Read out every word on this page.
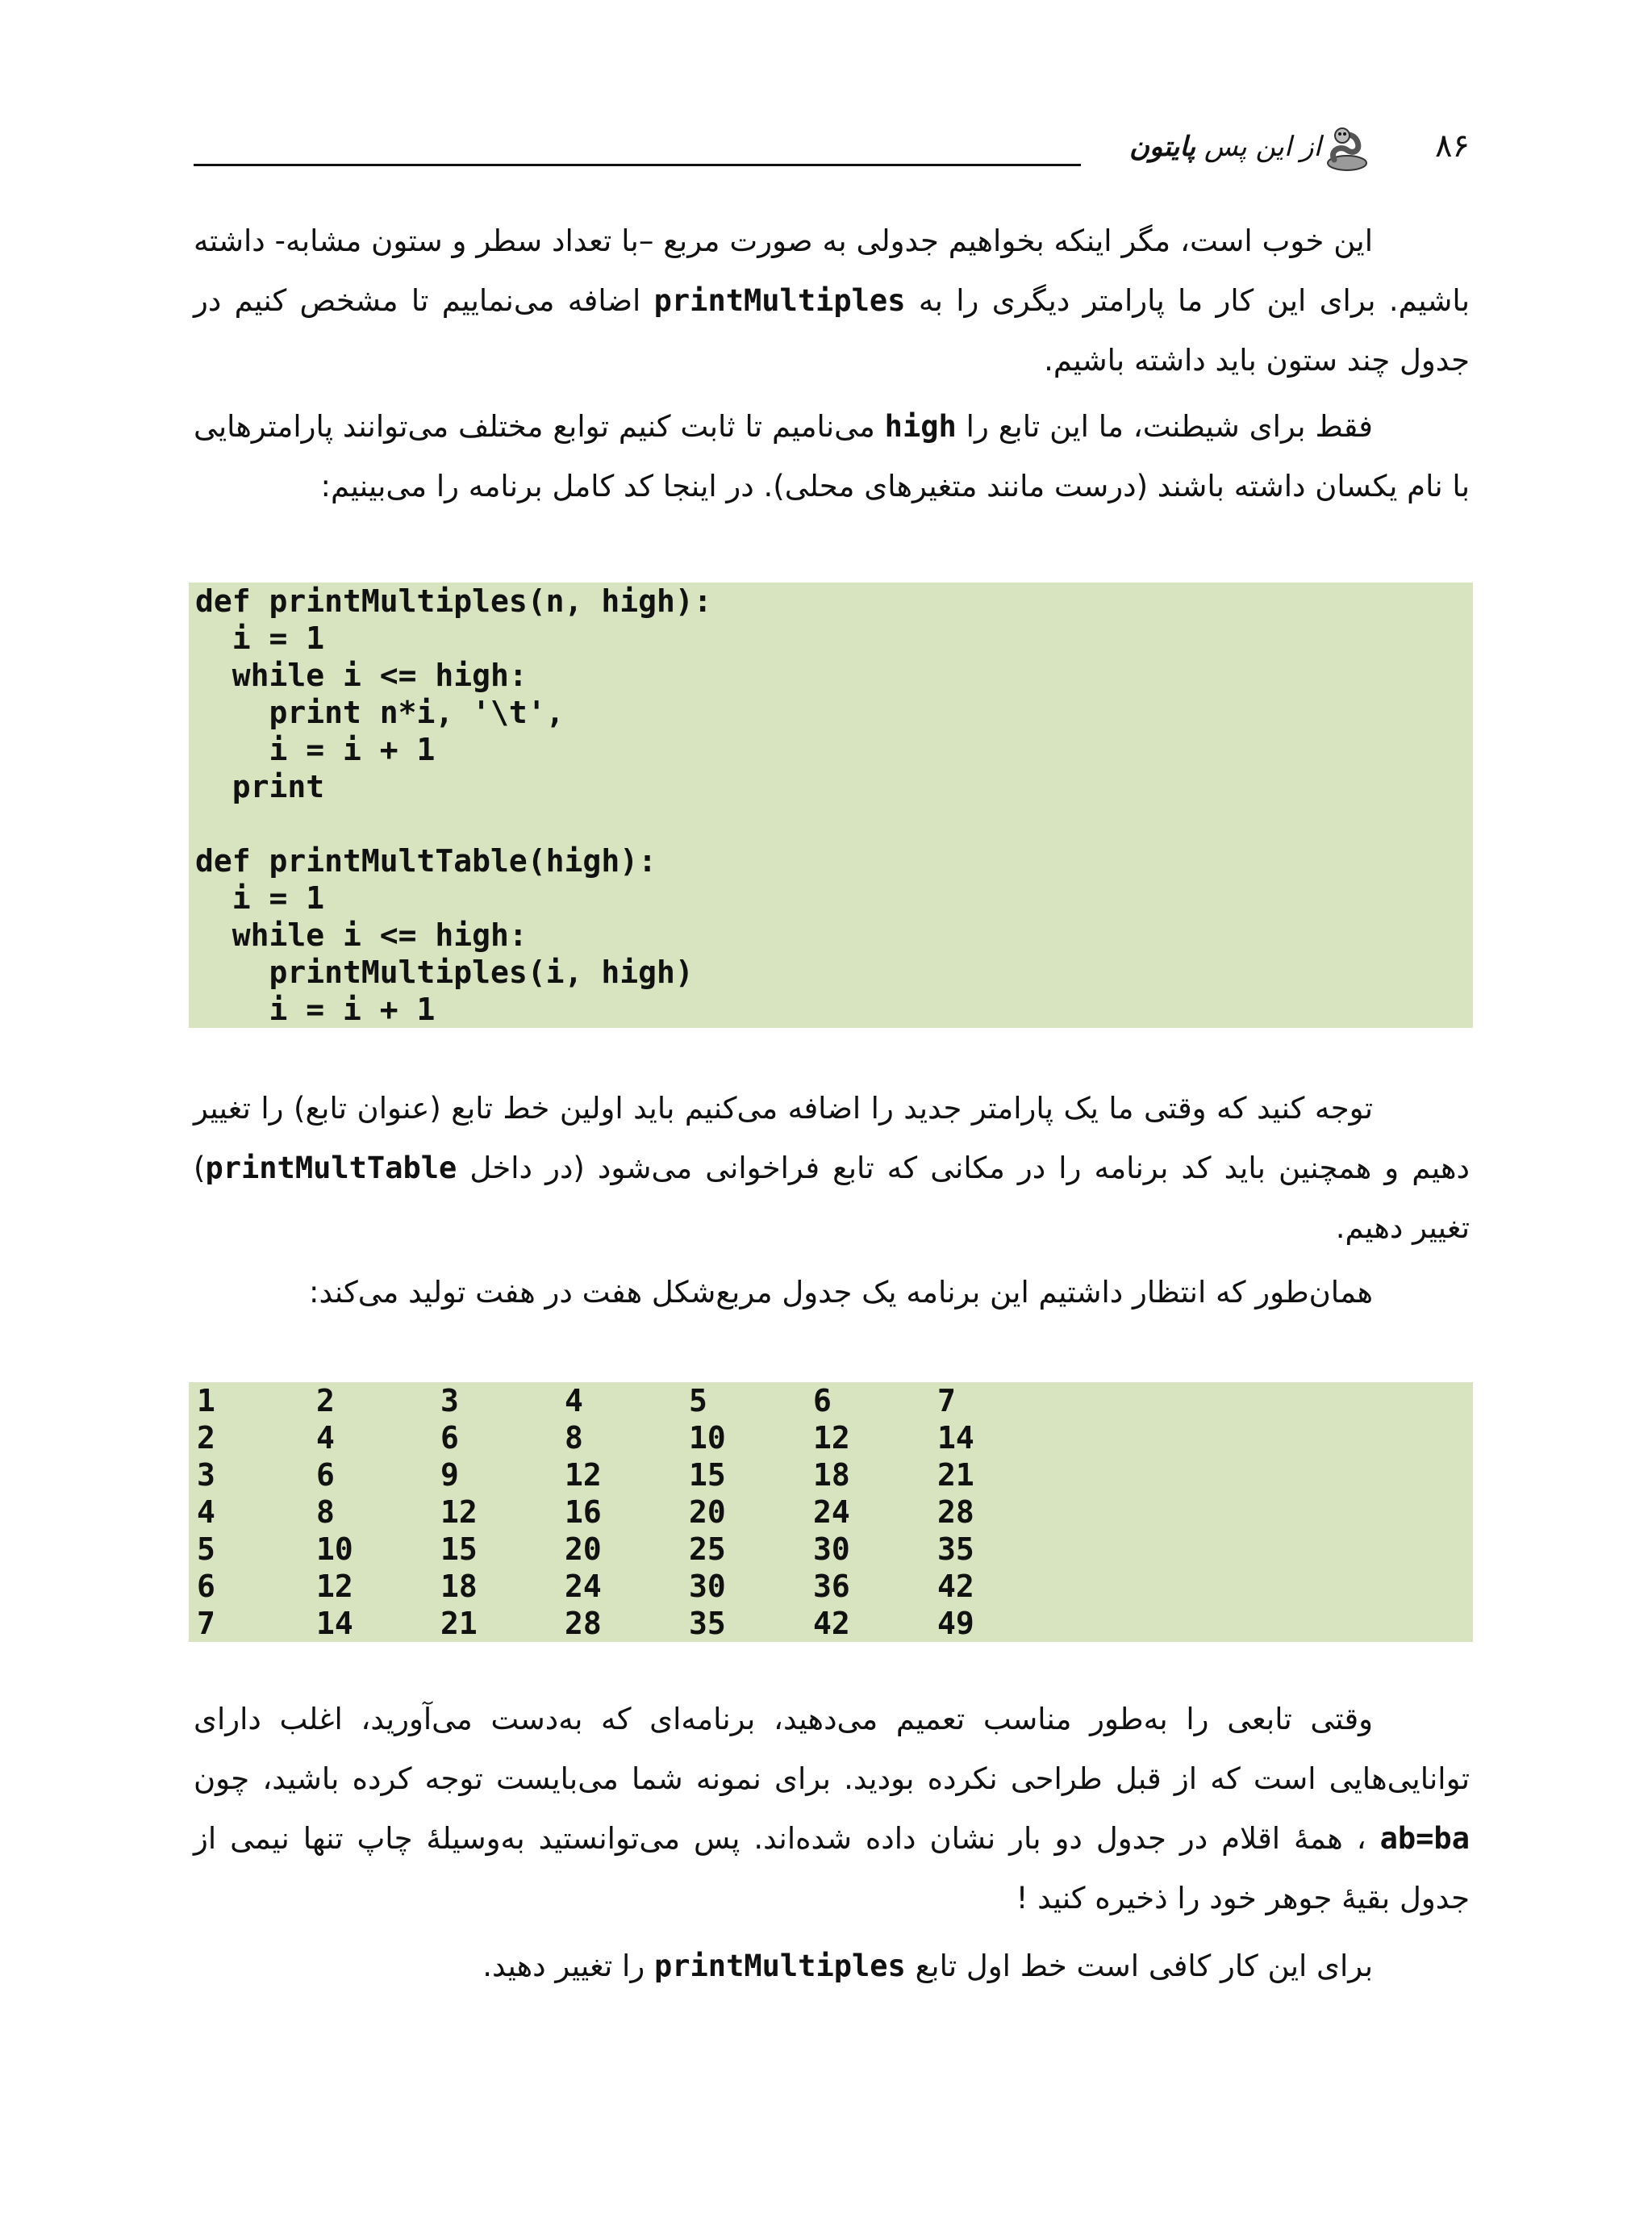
از این پس پایتون	۸۶

این خوب است، مگر اینکه بخواهیم جدولی به صورت مربع –با تعداد سطر و ستون مشابه- داشته باشیم. برای این کار ما پارامتر دیگری را به printMultiples اضافه می‌نماییم تا مشخص کنیم در جدول چند ستون باید داشته باشیم.

فقط برای شیطنت، ما این تابع را high می‌نامیم تا ثابت کنیم توابع مختلف می‌توانند پارامترهایی با نام یکسان داشته باشند (درست مانند متغیرهای محلی). در اینجا کد کامل برنامه را می‌بینیم:

def printMultiples(n, high):
i = 1
while i <= high:
print n*i, '\t',
i = i + 1
print
def printMultTable(high):
i = 1
while i <= high:
printMultiples(i, high)
i = i + 1

توجه کنید که وقتی ما یک پارامتر جدید را اضافه می‌کنیم باید اولین خط تابع (عنوان تابع) را تغییر دهیم و همچنین باید کد برنامه را در مکانی که تابع فراخوانی می‌شود (در داخل printMultTable) تغییر دهیم.

همان‌طور که انتظار داشتیم این برنامه یک جدول مربع‌شکل هفت در هفت تولید می‌کند:

1	2	3	4	5	6	7
2	4	6	8	10	12	14
3	6	9	12	15	18	21
4	8	12	16	20	24	28
5	10	15	20	25	30	35
6	12	18	24	30	36	42
7	14	21	28	35	42	49

وقتی تابعی را به‌طور مناسب تعمیم می‌دهید، برنامه‌ای که به‌دست می‌آورید، اغلب دارای توانایی‌هایی است که از قبل طراحی نکرده بودید. برای نمونه شما می‌بایست توجه کرده باشید، چون ab=ba ، همهٔ اقلام در جدول دو بار نشان داده شده‌اند. پس می‌توانستید به‌وسیلهٔ چاپ تنها نیمی از جدول بقیهٔ جوهر خود را ذخیره کنید !

برای این کار کافی است خط اول تابع printMultiples را تغییر دهید.
